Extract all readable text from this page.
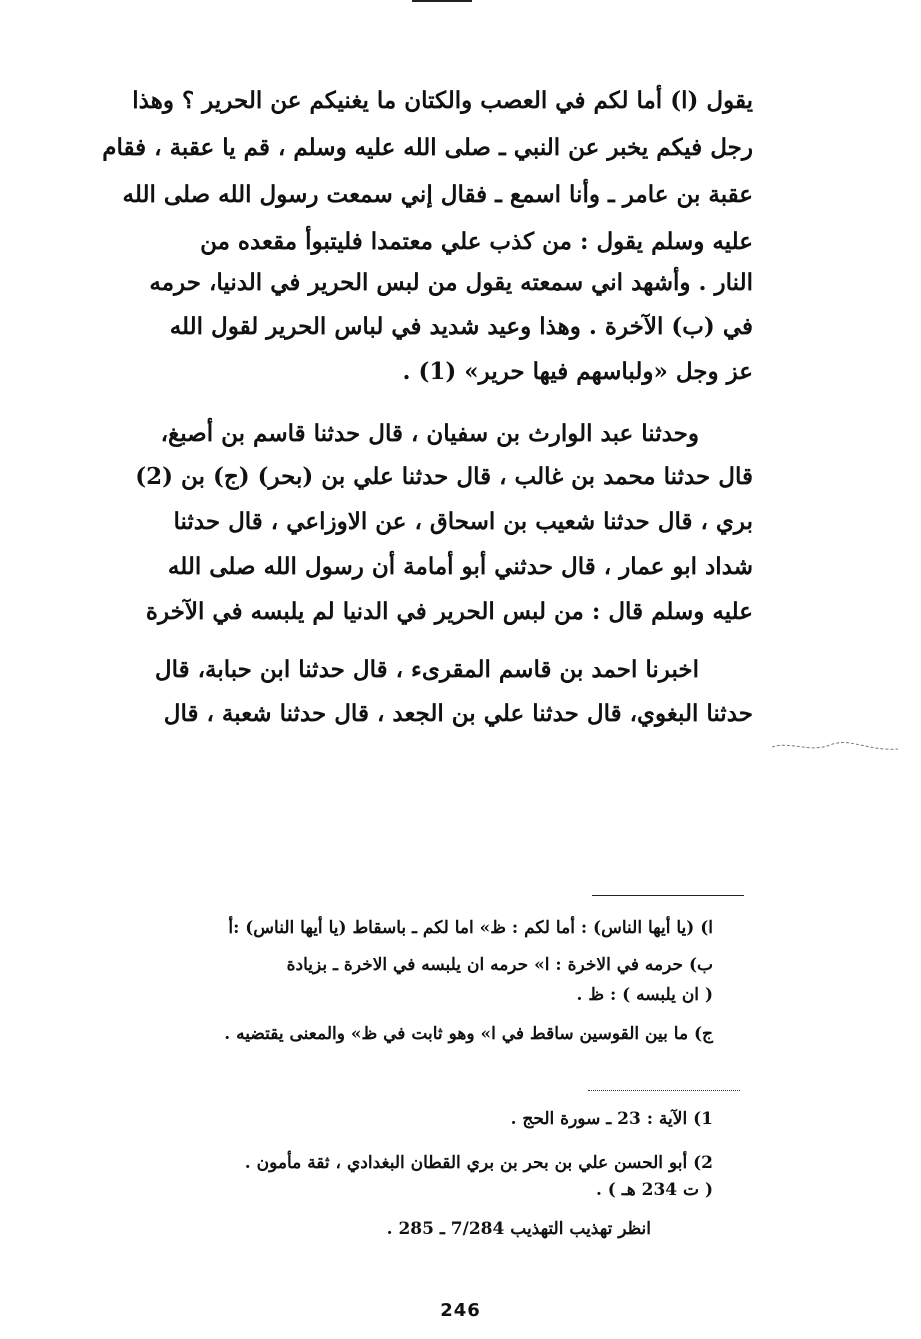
يقول (ا) أما لكم في العصب والكتان ما يغنيكم عن الحرير ؟ وهذا
رجل فيكم يخبر عن النبي ـ صلى الله عليه وسلم ، قم يا عقبة ، فقام
عقبة بن عامر ـ وأنا اسمع ـ فقال إني سمعت رسول الله صلى الله
عليه وسلم يقول : من كذب علي معتمدا فليتبوأ مقعده من
النار . وأشهد اني سمعته يقول من لبس الحرير في الدنيا، حرمه
في (ب) الآخرة . وهذا وعيد شديد في لباس الحرير لقول الله
عز وجل «ولباسهم فيها حرير» (1) .
وحدثنا عبد الوارث بن سفيان ، قال حدثنا قاسم بن أصبغ،
قال حدثنا محمد بن غالب ، قال حدثنا علي بن (بحر) (ج) بن (2)
بري ، قال حدثنا شعيب بن اسحاق ، عن الاوزاعي ، قال حدثنا
شداد ابو عمار ، قال حدثني أبو أمامة أن رسول الله صلى الله
عليه وسلم قال : من لبس الحرير في الدنيا لم يلبسه في الآخرة
اخبرنا احمد بن قاسم المقرىء ، قال حدثنا ابن حبابة، قال
حدثنا البغوي، قال حدثنا علي بن الجعد ، قال حدثنا شعبة ، قال
ا) (يا أيها الناس) : أما لكم : ظ» اما لكم ـ باسقاط (يا أيها الناس) :أ
ب) حرمه في الاخرة : ا» حرمه ان يلبسه في الاخرة ـ بزيادة
( ان يلبسه ) : ظ .
ج) ما بين القوسين ساقط في ا» وهو ثابت في ظ» والمعنى يقتضيه .
1) الآية : 23 ـ سورة الحج .
2) أبو الحسن علي بن بحر بن بري القطان البغدادي ، ثقة مأمون .
( ت 234 هـ ) .
انظر تهذيب التهذيب 7/284 ـ 285 .
246
